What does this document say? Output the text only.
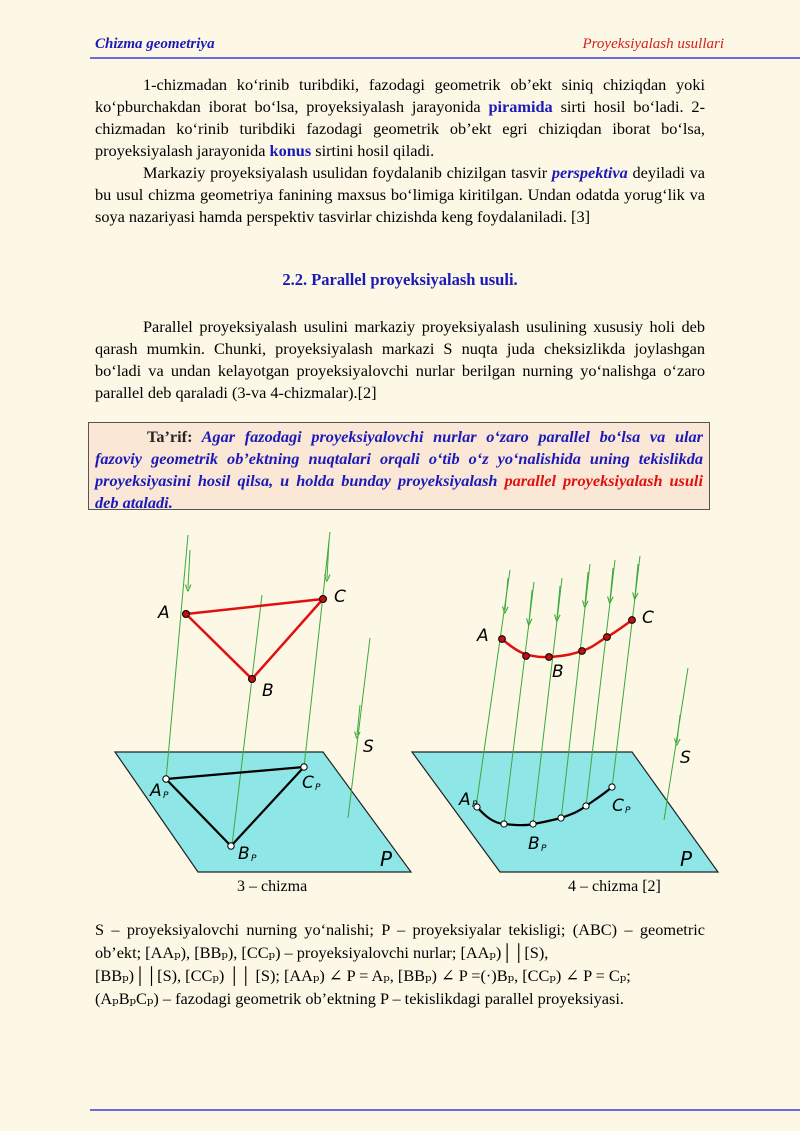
Chizma geometriya	Proyeksiyalash usullari

1-chizmadan ko‘rinib turibdiki, fazodagi geometrik ob’ekt siniq chiziqdan yoki ko‘pburchakdan iborat bo‘lsa, proyeksiyalash jarayonida piramida sirti hosil bo‘ladi. 2-chizmadan ko‘rinib turibdiki fazodagi geometrik ob’ekt egri chiziqdan iborat bo‘lsa, proyeksiyalash jarayonida konus sirtini hosil qiladi.

Markaziy proyeksiyalash usulidan foydalanib chizilgan tasvir perspektiva deyiladi va bu usul chizma geometriya fanining maxsus bo‘limiga kiritilgan. Undan odatda yorug‘lik va soya nazariyasi hamda perspektiv tasvirlar chizishda keng foydalaniladi. [3]

2.2. Parallel proyeksiyalash usuli.

Parallel proyeksiyalash usulini markaziy proyeksiyalash usulining xususiy holi deb qarash mumkin. Chunki, proyeksiyalash markazi S nuqta juda cheksizlikda joylashgan bo‘ladi va undan kelayotgan proyeksiyalovchi nurlar berilgan nurning yo‘nalishga o‘zaro parallel deb qaraladi (3-va 4-chizmalar).[2]

Ta’rif: Agar fazodagi proyeksiyalovchi nurlar o‘zaro parallel bo‘lsa va ular fazoviy geometrik ob’ektning nuqtalari orqali o‘tib o‘z yo‘nalishida uning tekislikda proyeksiyasini hosil qilsa, u holda bunday proyeksiyalash parallel proyeksiyalash usuli deb ataladi.
A
C
B
S
A P
C P
B P	P
A
B
C
S
A P	C P
B P	P
3 – chizma	4 – chizma [2]

S – proyeksiyalovchi nurning yo‘nalishi; P – proyeksiyalar tekisligi; (ABC) – geometric ob’ekt; [AAₚ), [BBₚ), [CCₚ) – proyeksiyalovchi nurlar; [AAₚ)││[S),

[BBₚ)││[S), [CCₚ) ││ [S); [AAₚ) ∠ P = Aₚ, [BBₚ) ∠ P =(·)Bₚ, [CCₚ) ∠ P = Cₚ;

(AₚBₚCₚ) – fazodagi geometrik ob’ektning P – tekislikdagi parallel proyeksiyasi.
